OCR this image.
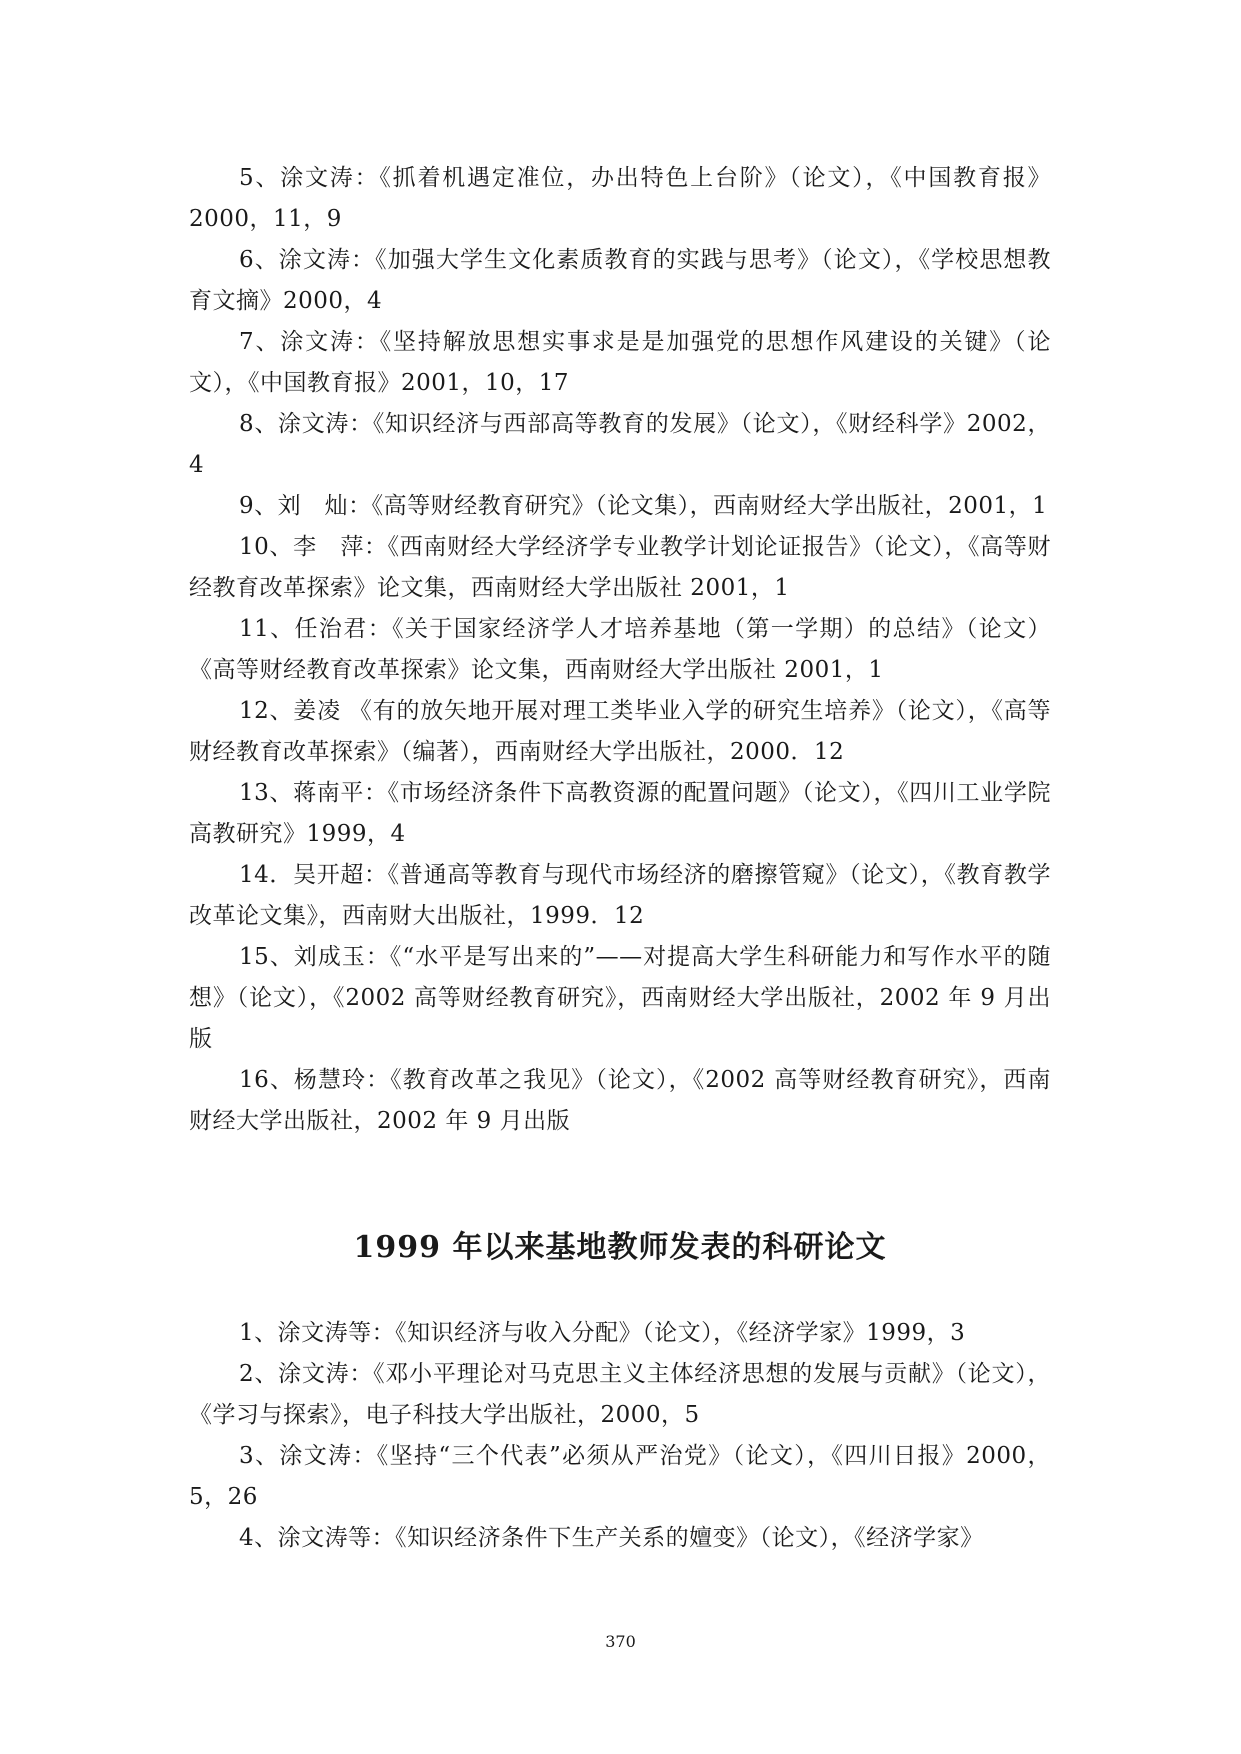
5、涂文涛：《抓着机遇定准位，办出特色上台阶》（论文），《中国教育报》2000，11，9

6、涂文涛：《加强大学生文化素质教育的实践与思考》（论文），《学校思想教育文摘》2000，4

7、涂文涛：《坚持解放思想实事求是是加强党的思想作风建设的关键》（论文），《中国教育报》2001，10，17

8、涂文涛：《知识经济与西部高等教育的发展》（论文），《财经科学》2002，4

9、刘　灿：《高等财经教育研究》（论文集），西南财经大学出版社，2001，1

10、李　萍：《西南财经大学经济学专业教学计划论证报告》（论文），《高等财经教育改革探索》论文集，西南财经大学出版社 2001，1

11、任治君：《关于国家经济学人才培养基地（第一学期）的总结》（论文）《高等财经教育改革探索》论文集，西南财经大学出版社 2001，1

12、姜凌 《有的放矢地开展对理工类毕业入学的研究生培养》（论文），《高等财经教育改革探索》（编著），西南财经大学出版社，2000．12

13、蒋南平：《市场经济条件下高教资源的配置问题》（论文），《四川工业学院高教研究》1999，4

14．吴开超：《普通高等教育与现代市场经济的磨擦管窥》（论文），《教育教学改革论文集》，西南财大出版社，1999．12

15、刘成玉：《“水平是写出来的”——对提高大学生科研能力和写作水平的随想》（论文），《2002 高等财经教育研究》，西南财经大学出版社，2002 年 9 月出版

16、杨慧玲：《教育改革之我见》（论文），《2002 高等财经教育研究》，西南财经大学出版社，2002 年 9 月出版

1999 年以来基地教师发表的科研论文

1、涂文涛等：《知识经济与收入分配》（论文），《经济学家》1999，3

2、涂文涛：《邓小平理论对马克思主义主体经济思想的发展与贡献》（论文），《学习与探索》，电子科技大学出版社，2000，5

3、涂文涛：《坚持“三个代表”必须从严治党》（论文），《四川日报》2000，5，26

4、涂文涛等：《知识经济条件下生产关系的嬗变》（论文），《经济学家》

370
